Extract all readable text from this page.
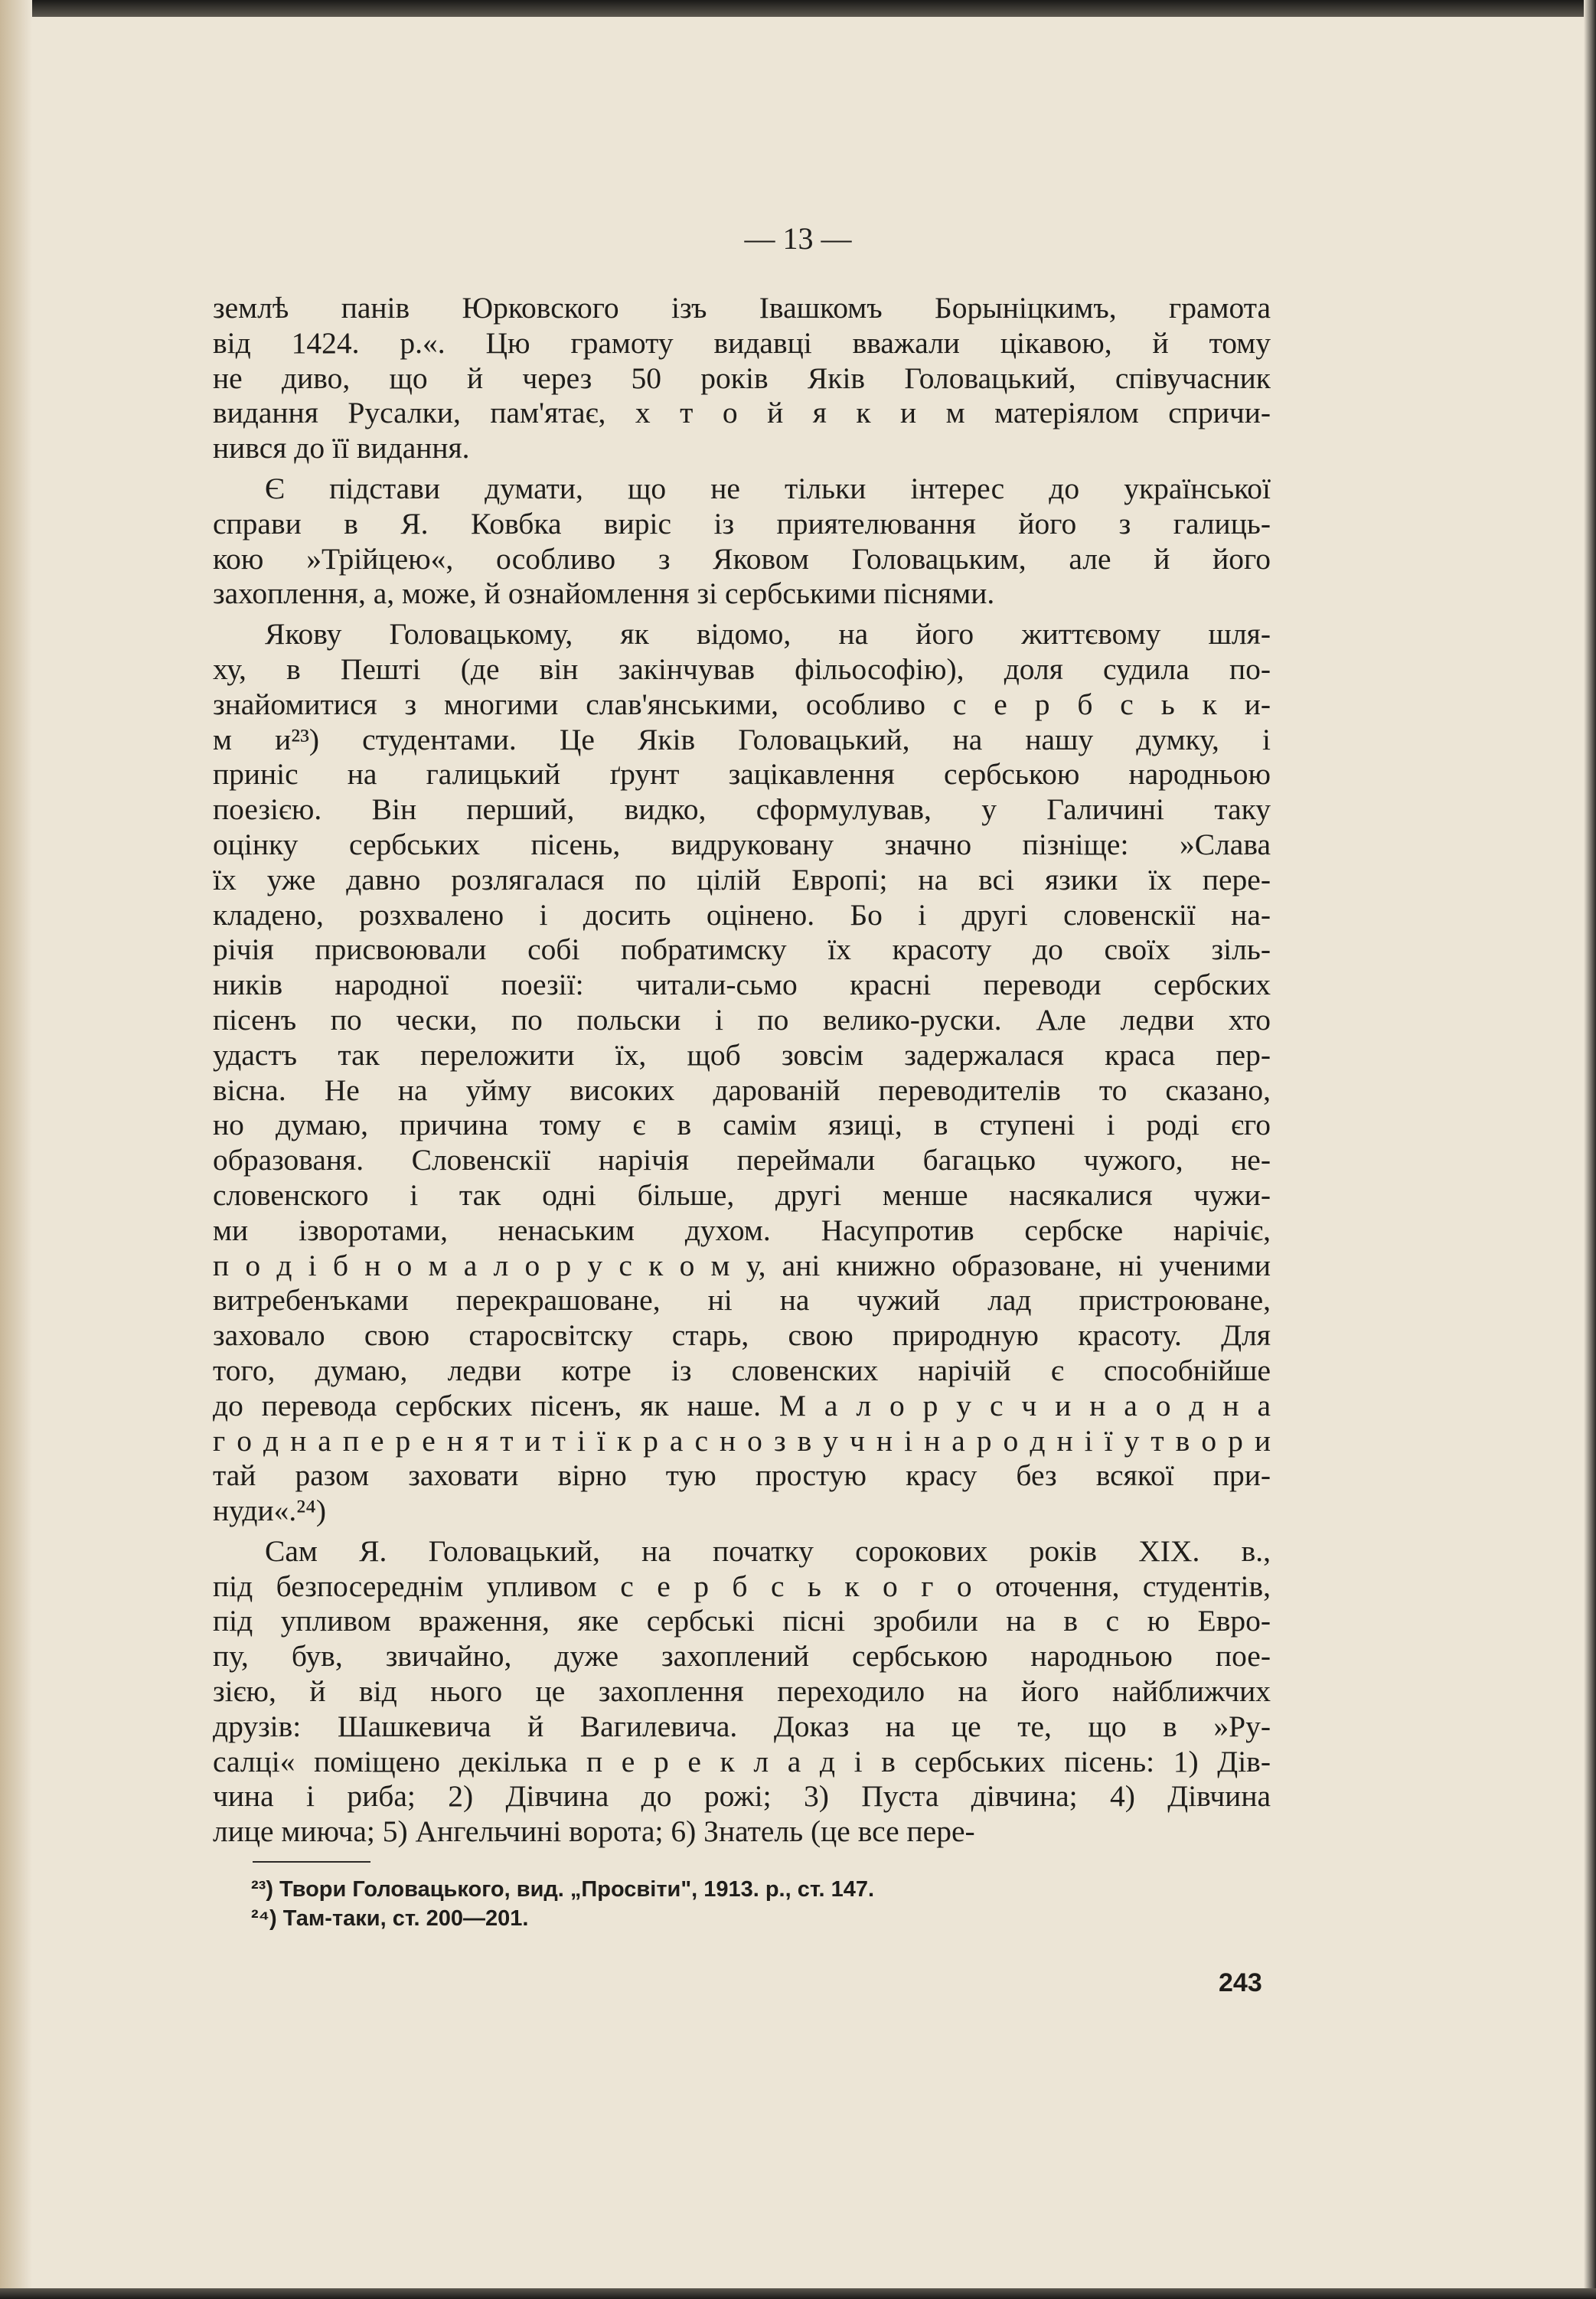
— 13 —
землѣ панів Юрковского ізъ Івашкомъ Борыніцкимъ, грамота
від 1424. р.«. Цю грамоту видавці вважали цікавою, й тому
не диво, що й через 50 років Яків Головацький, співучасник
видання Русалки, пам'ятає, х т о й я к и м матеріялом спричи-
нився до її видання.
Є підстави думати, що не тільки інтерес до української
справи в Я. Ковбка виріс із приятелювання його з галиць-
кою »Трійцею«, особливо з Яковом Головацьким, але й його
захоплення, а, може, й ознайомлення зі сербськими піснями.
Якову Головацькому, як відомо, на його життєвому шля-
ху, в Пешті (де він закінчував фільософію), доля судила по-
знайомитися з многими слав'янськими, особливо с е р б с ь к и-
м и²³) студентами. Це Яків Головацький, на нашу думку, і
приніс на галицький ґрунт зацікавлення сербською народньою
поезією. Він перший, видко, сформулував, у Галичині таку
оцінку сербських пісень, видруковану значно пізніще: »Слава
їх уже давно розлягалася по цілій Европі; на всі язики їх пере-
кладено, розхвалено і досить оцінено. Бо і другі словенскії на-
річія присвоювали собі побратимску їх красоту до своїх зіль-
ників народної поезії: читали-сьмо красні переводи сербских
пісенъ по чески, по польски і по велико-руски. Але ледви хто
удастъ так переложити їх, щоб зовсім задержалася краса пер-
вісна. Не на уйму високих дарованій переводителів то сказано,
но думаю, причина тому є в самім язиці, в ступені і роді єго
образованя. Словенскії нарічія переймали багацько чужого, не-
словенского і так одні більше, другі менше насякалися чужи-
ми ізворотами, ненаським духом. Насупротив сербске нарічіє,
п о д і б н о м а л о р у с к о м у, ані книжно образоване, ні ученими
витребенъками перекрашоване, ні на чужий лад пристроюване,
заховало свою старосвітску старь, свою природную красоту. Для
того, думаю, ледви котре із словенских нарічій є способнійше
до перевода сербских пісенъ, як наше. М а л о р у с ч и н а о д н а
г о д н а п е р е н я т и т і ї к р а с н о з в у ч н і н а р о д н і ї у т в о р и
тай разом заховати вірно тую простую красу без всякої при-
нуди«.²⁴)
Сам Я. Головацький, на початку сорокових років XIX. в.,
під безпосереднім упливом с е р б с ь к о г о оточення, студентів,
під упливом враження, яке сербські пісні зробили на в с ю Евро-
пу, був, звичайно, дуже захоплений сербською народньою пое-
зією, й від нього це захоплення переходило на його найближчих
друзів: Шашкевича й Вагилевича. Доказ на це те, що в »Ру-
салці« поміщено декілька п е р е к л а д і в сербських пісень: 1) Дів-
чина і риба; 2) Дівчина до рожі; 3) Пуста дівчина; 4) Дівчина
лице миюча; 5) Ангельчині ворота; 6) Знатель (це все пере-
²³) Твори Головацького, вид. „Просвіти", 1913. р., ст. 147.
²⁴) Там-таки, ст. 200—201.
243
